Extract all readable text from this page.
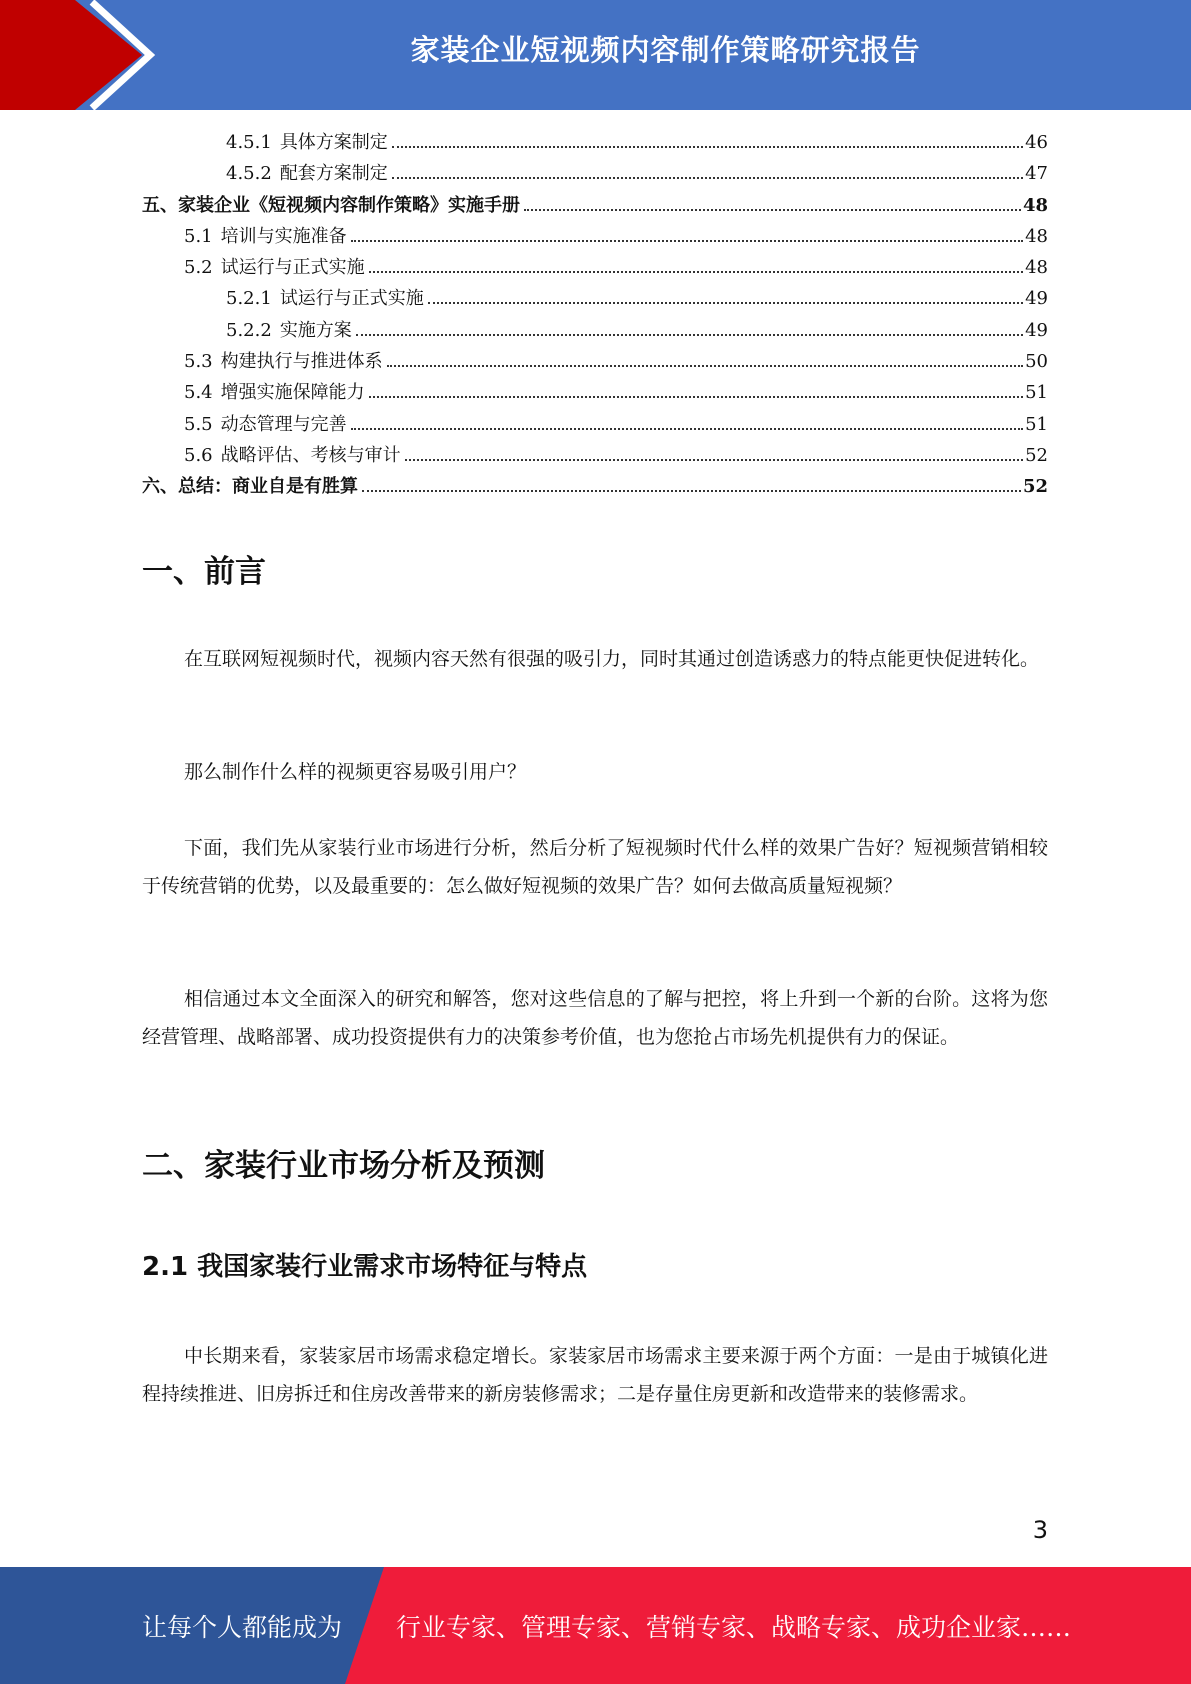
家装企业短视频内容制作策略研究报告
4.5.1 具体方案制定	46
4.5.2 配套方案制定	47
五、 家装企业《短视频内容制作策略》实施手册	48
5.1 培训与实施准备	48
5.2 试运行与正式实施	48
5.2.1 试运行与正式实施	49
5.2.2 实施方案	49
5.3 构建执行与推进体系	50
5.4 增强实施保障能力	51
5.5 动态管理与完善	51
5.6 战略评估、考核与审计	52
六、 总结：商业自是有胜算	52
一、前言
在互联网短视频时代，视频内容天然有很强的吸引力，同时其通过创造诱惑力的特点能更快促进转化。
那么制作什么样的视频更容易吸引用户？
下面，我们先从家装行业市场进行分析，然后分析了短视频时代什么样的效果广告好？短视频营销相较于传统营销的优势，以及最重要的：怎么做好短视频的效果广告？如何去做高质量短视频？
相信通过本文全面深入的研究和解答，您对这些信息的了解与把控，将上升到一个新的台阶。这将为您经营管理、战略部署、成功投资提供有力的决策参考价值，也为您抢占市场先机提供有力的保证。
二、家装行业市场分析及预测
2.1 我国家装行业需求市场特征与特点
中长期来看，家装家居市场需求稳定增长。家装家居市场需求主要来源于两个方面：一是由于城镇化进程持续推进、旧房拆迁和住房改善带来的新房装修需求；二是存量住房更新和改造带来的装修需求。
3
让每个人都能成为 行业专家、管理专家、营销专家、战略专家、成功企业家……
